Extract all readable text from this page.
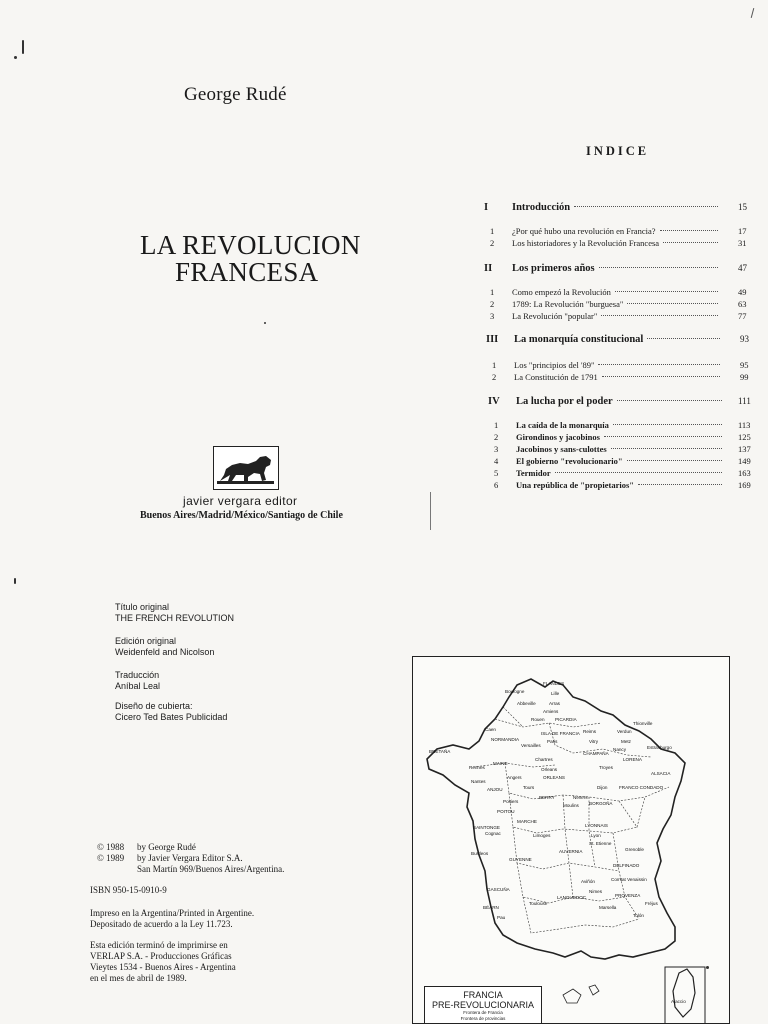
George Rudé
LA REVOLUCION
FRANCESA
javier vergara editor
Buenos Aires/Madrid/México/Santiago de Chile
Título original
THE FRENCH REVOLUTION
Edición original
Weidenfeld and Nicolson
Traducción
Aníbal Leal
Diseño de cubierta:
Cicero Ted Bates Publicidad
© 1988 by George Rudé
© 1989 by Javier Vergara Editor S.A.
San Martín 969/Buenos Aires/Argentina.
ISBN 950-15-0910-9
Impreso en la Argentina/Printed in Argentine.
Depositado de acuerdo a la Ley 11.723.
Esta edición terminó de imprimirse en
VERLAP S.A. - Producciones Gráficas
Vieytes 1534 - Buenos Aires - Argentina
en el mes de abril de 1989.
INDICE
I Introducción	15
1 ¿Por qué hubo una revolución en Francia?	17
2 Los historiadores y la Revolución Francesa	31
II Los primeros años	47
1 Como empezó la Revolución	49
2 1789: La Revolución "burguesa"	63
3 La Revolución "popular"	77
III La monarquía constitucional	93
1 Los "principios del '89"	95
2 La Constitución de 1791	99
IV La lucha por el poder	111
1 La caída de la monarquía	113
2 Girondinos y jacobinos	125
3 Jacobinos y sans-culottes	137
4 El gobierno "revolucionario"	149
5 Termidor	163
6 Una república de "propietarios"	169
FLANDES
Boulogne	Lille
Abbeville	Arras
Amiens
PICARDIA
Rouen
Caen
ISLA DE FRANCIA
Paris
Reims	Verdun
Metz
Thionville
NORMANDIA
Versailles
Vitry
Nancy	Estrasburgo
BRETAÑA
MAINE
Chartres
CHAMPAÑA
LORENA
Rennes	Orleans	Troyes
ALSACIA
Angers	ORLEANS
Nantes
ANJOU	Tours
Nevers
Dijon	FRANCO CONDADO
POITOU
BERRY
Moulins BORGOÑA
Poitiers
MARCHE
SAINTONGE
Cognac	Limoges
LYONNAIS
Lyon
St. Etienne
Grenoble
AUVERNIA
Burdeos
GUYENNE
DELFINADO
GASCUÑA
LANGUEDOC
Aviñón	Comtat Venaissin
Nimes
PROVENZA
BÉARN
Toulouse
Pau
Marsella
Tolón
Fréjus
Ajaccio
FRANCIA
PRE-REVOLUCIONARIA
Frontera de Francia
Frontera de provincias
